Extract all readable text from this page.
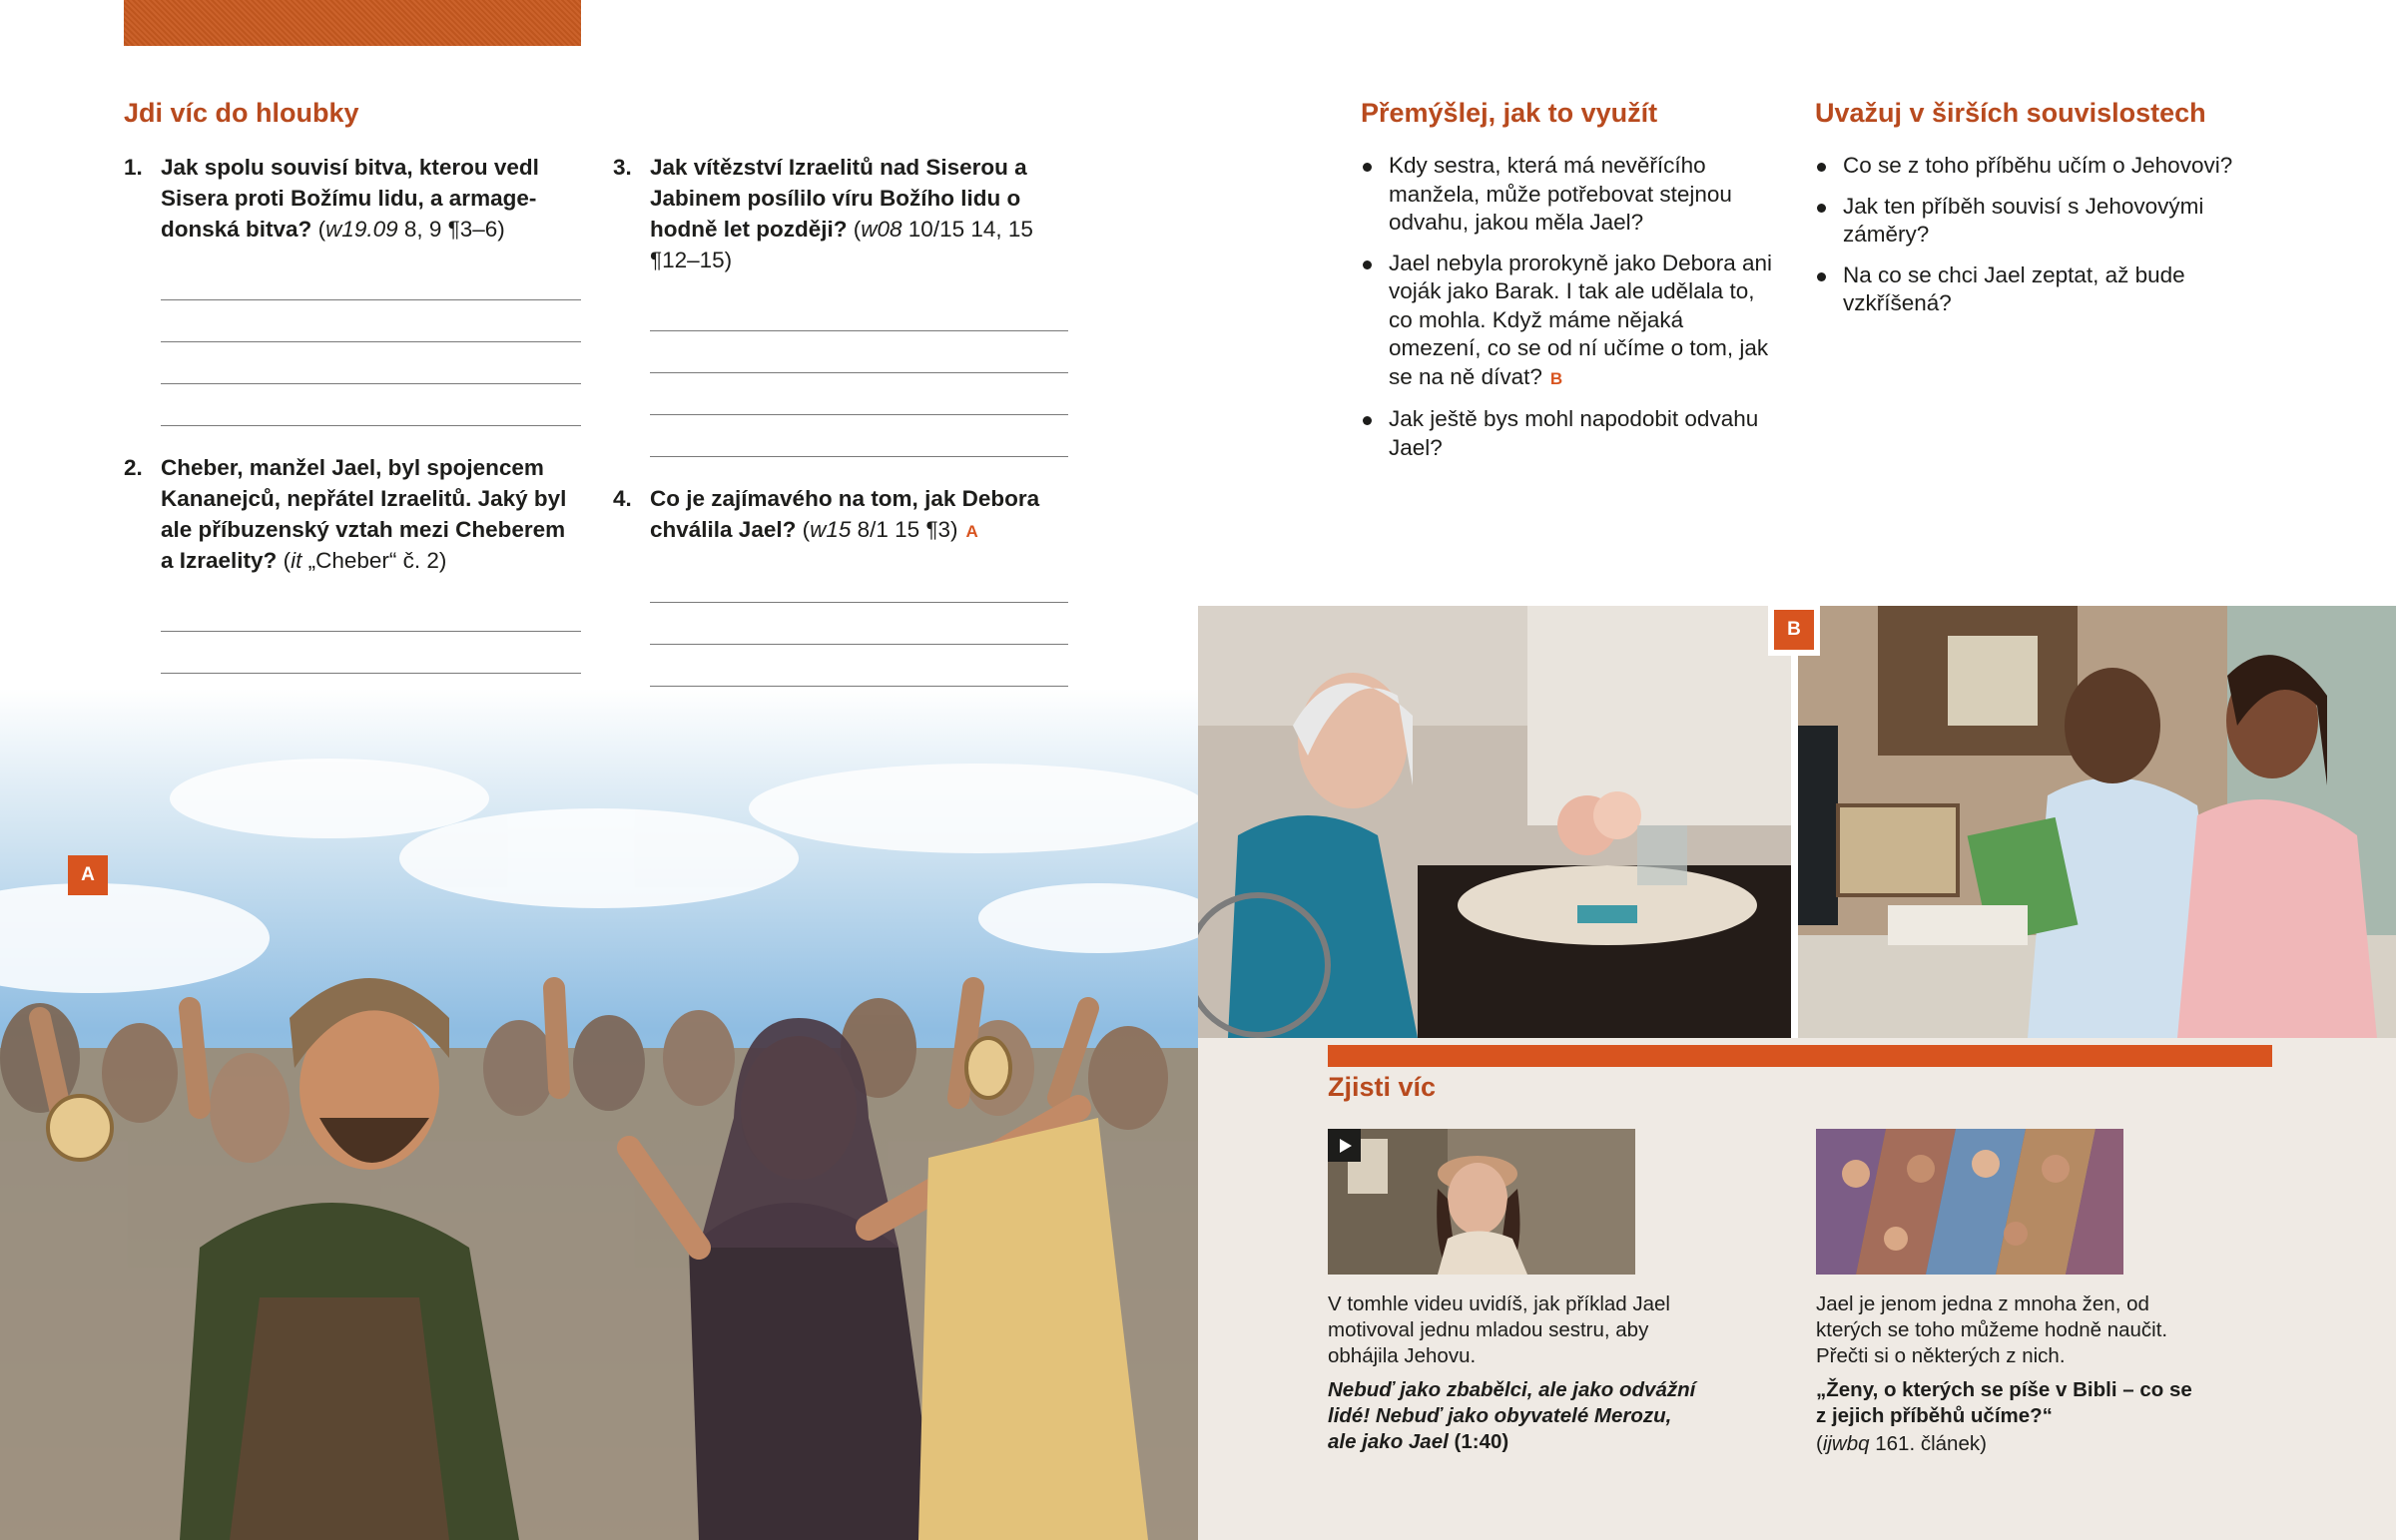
Jdi víc do hloubky
1. Jak spolu souvisí bitva, kterou vedl Sisera proti Božímu lidu, a armagedonská bitva? (w19.09 8, 9 ¶3–6)
2. Cheber, manžel Jael, byl spojencem Kananejců, nepřátel Izraelitů. Jaký byl ale příbuzenský vztah mezi Cheberem a Izraelity? (it „Cheber“ č. 2)
3. Jak vítězství Izraelitů nad Siserou a Jabinem posílilo víru Božího lidu o hodně let později? (w08 10/15 14, 15 ¶12–15)
4. Co je zajímavého na tom, jak Debora chválila Jael? (w15 8/1 15 ¶3) A
Přemýšlej, jak to využít
Kdy sestra, která má nevěřícího manžela, může potřebovat stejnou odvahu, jakou měla Jael?
Jael nebyla prorokyně jako Debora ani voják jako Barak. I tak ale udělala to, co mohla. Když máme nějaká omezení, co se od ní učíme o tom, jak se na ně dívat? B
Jak ještě bys mohl napodobit odvahu Jael?
Uvažuj v širších souvislostech
Co se z toho příběhu učím o Jehovovi?
Jak ten příběh souvisí s Jehovovými záměry?
Na co se chci Jael zeptat, až bude vzkříšená?
A
B
Zjisti víc

V tomhle videu uvidíš, jak příklad Jael motivoval jednu mladou sestru, aby obhájila Jehovu.

Nebuď jako zbabělci, ale jako odvážní lidé! Nebuď jako obyvatelé Merozu, ale jako Jael (1:40)

Jael je jenom jedna z mnoha žen, od kterých se toho můžeme hodně naučit. Přečti si o některých z nich.

„Ženy, o kterých se píše v Bibli – co se z jejich příběhů učíme?“

(ijwbq 161. článek)
